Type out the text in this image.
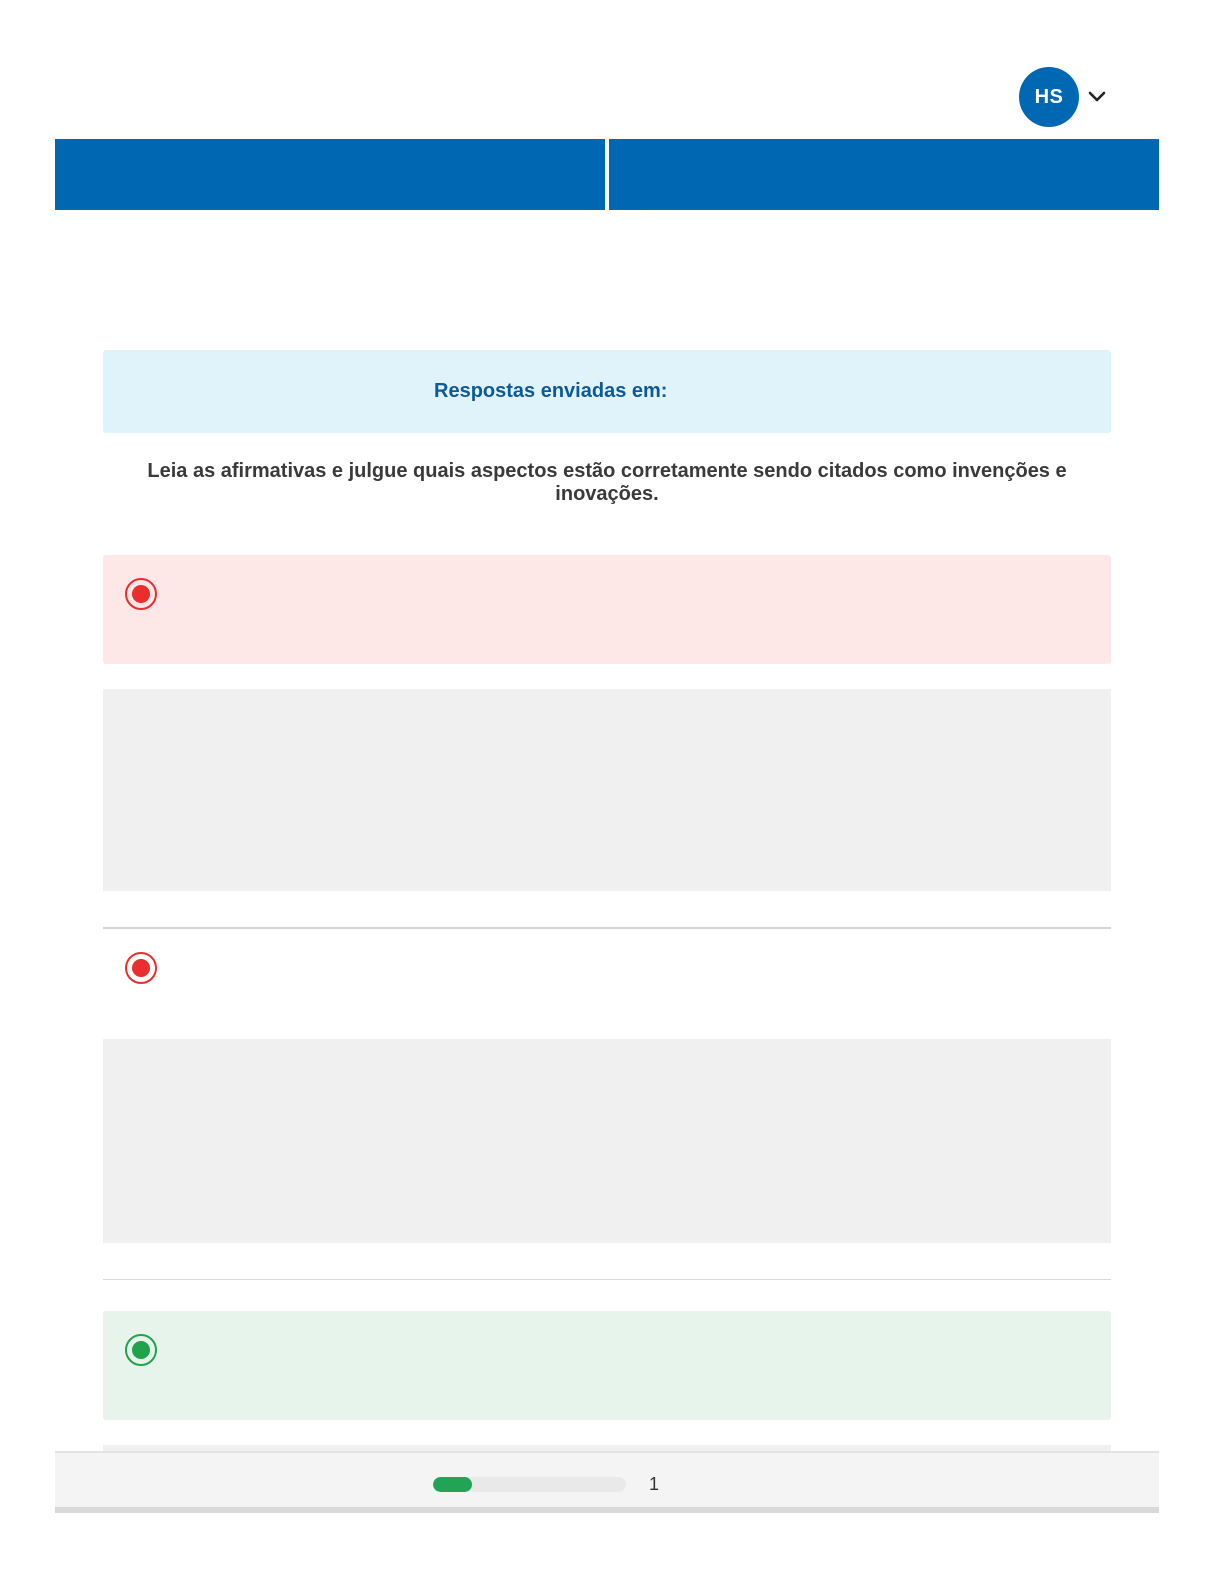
HS
Respostas enviadas em:
Leia as afirmativas e julgue quais aspectos estão corretamente sendo citados como invenções e inovações.
1
